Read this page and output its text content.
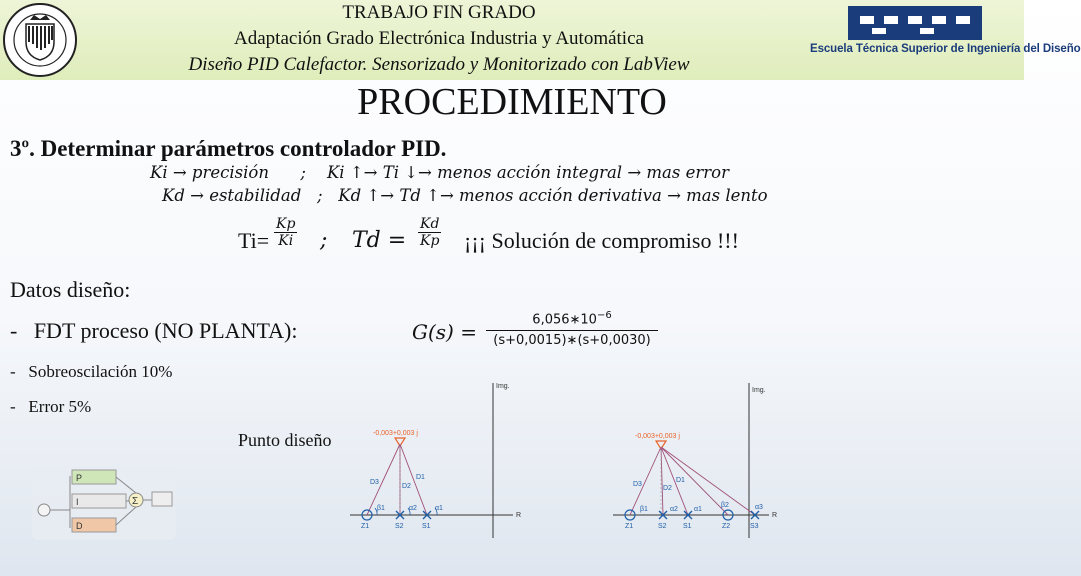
TRABAJO FIN GRADO
Adaptación Grado Electrónica Industria y Automática
Diseño PID Calefactor. Sensorizado y Monitorizado con LabView
Escuela Técnica Superior de Ingeniería del Diseño
PROCEDIMIENTO
3º. Determinar parámetros controlador PID.
Ki → precisión      ;    Ki ↑→ Ti ↓→ menos acción integral → mas error
Kd → estabilidad   ;   Kd ↑→ Td ↑→ menos acción derivativa → mas lento
$Ti= \frac{Kp}{Ki}$ ; $Td = \frac{Kd}{Kp}$ ¡¡¡ Solución de compromiso !!!
Datos diseño:
-   FDT proceso (NO PLANTA):	$G(s) = \frac{6,056∗10^{-6}}{(s+0,0015)∗(s+0,0030)}$
-   Sobreoscilación 10%
-   Error 5%
Punto diseño
P
I
D
Σ
Img.
R
-0,003+0,003 j
D3
D2
D1
β1	α2	α1
Z1	S2	S1
Img.
R
-0,003+0,003 j
D3
D2
D1
β1	α2 α1
β2	α3
Z1	S2 S1	Z2	S3
